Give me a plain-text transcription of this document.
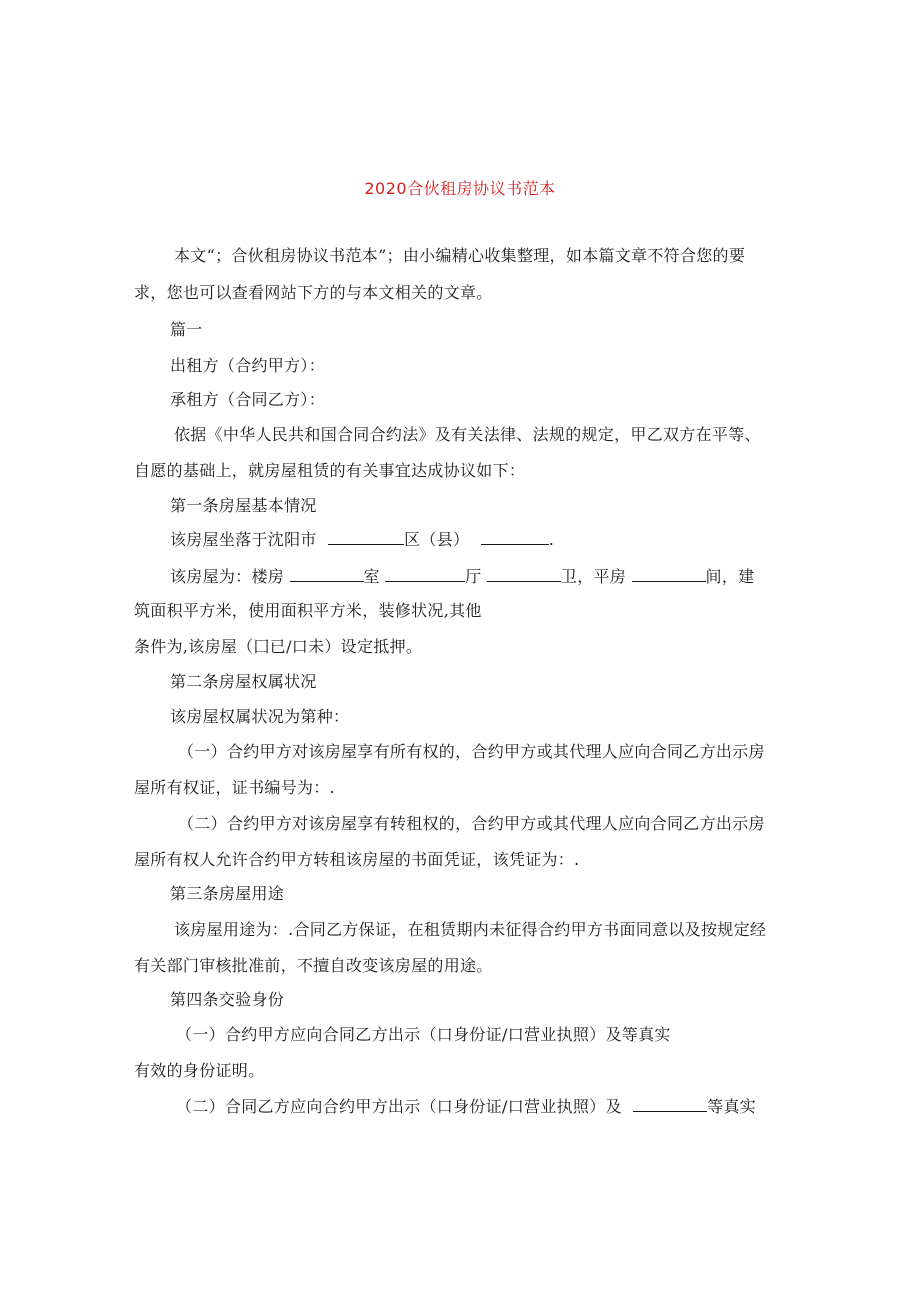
2020合伙租房协议书范本
本文“；合伙租房协议书范本”；由小编精心收集整理，如本篇文章不符合您的要
求，您也可以查看网站下方的与本文相关的文章。
篇一
出租方（合约甲方）：
承租方（合同乙方）：
依据《中华人民共和国合同合约法》及有关法律、法规的规定，甲乙双方在平等、
自愿的基础上，就房屋租赁的有关事宜达成协议如下：
第一条房屋基本情况
该房屋坐落于沈阳市	区（县）	.
该房屋为：楼房	室	厅	卫，平房	间，建
筑面积平方米，使用面积平方米，装修状况,其他
条件为,该房屋（囗已/口未）设定抵押。
第二条房屋权属状况
该房屋权属状况为第种：
（一）合约甲方对该房屋享有所有权的，合约甲方或其代理人应向合同乙方出示房
屋所有权证，证书编号为：.
（二）合约甲方对该房屋享有转租权的，合约甲方或其代理人应向合同乙方出示房
屋所有权人允许合约甲方转租该房屋的书面凭证，该凭证为：.
第三条房屋用途
该房屋用途为：.合同乙方保证，在租赁期内未征得合约甲方书面同意以及按规定经
有关部门审核批准前，不擅自改变该房屋的用途。
第四条交验身份
（一）合约甲方应向合同乙方出示（口身份证/口营业执照）及等真实
有效的身份证明。
（二）合同乙方应向合约甲方出示（口身份证/口营业执照）及	等真实
